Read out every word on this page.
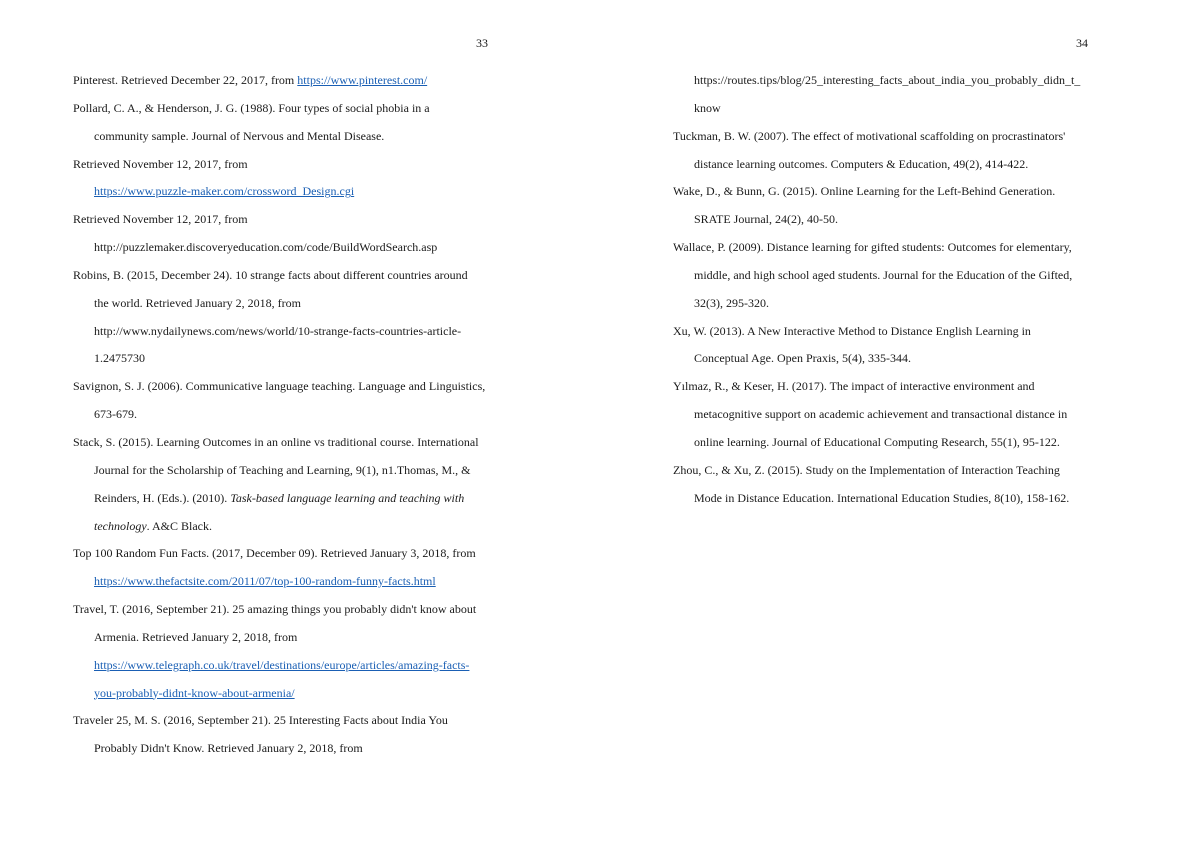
33
Pinterest. Retrieved December 22, 2017, from https://www.pinterest.com/
Pollard, C. A., & Henderson, J. G. (1988). Four types of social phobia in a
community sample. Journal of Nervous and Mental Disease.
Retrieved November 12, 2017, from
https://www.puzzle-maker.com/crossword_Design.cgi
Retrieved November 12, 2017, from
http://puzzlemaker.discoveryeducation.com/code/BuildWordSearch.asp
Robins, B. (2015, December 24). 10 strange facts about different countries around
the world. Retrieved January 2, 2018, from
http://www.nydailynews.com/news/world/10-strange-facts-countries-article-
1.2475730
Savignon, S. J. (2006). Communicative language teaching. Language and Linguistics,
673-679.
Stack, S. (2015). Learning Outcomes in an online vs traditional course. International
Journal for the Scholarship of Teaching and Learning, 9(1), n1.Thomas, M., &
Reinders, H. (Eds.). (2010). Task-based language learning and teaching with
technology. A&C Black.
Top 100 Random Fun Facts. (2017, December 09). Retrieved January 3, 2018, from
https://www.thefactsite.com/2011/07/top-100-random-funny-facts.html
Travel, T. (2016, September 21). 25 amazing things you probably didn't know about
Armenia. Retrieved January 2, 2018, from
https://www.telegraph.co.uk/travel/destinations/europe/articles/amazing-facts-
you-probably-didnt-know-about-armenia/
Traveler 25, M. S. (2016, September 21). 25 Interesting Facts about India You
Probably Didn't Know. Retrieved January 2, 2018, from
34
https://routes.tips/blog/25_interesting_facts_about_india_you_probably_didn_t_
know
Tuckman, B. W. (2007). The effect of motivational scaffolding on procrastinators'
distance learning outcomes. Computers & Education, 49(2), 414-422.
Wake, D., & Bunn, G. (2015). Online Learning for the Left-Behind Generation.
SRATE Journal, 24(2), 40-50.
Wallace, P. (2009). Distance learning for gifted students: Outcomes for elementary,
middle, and high school aged students. Journal for the Education of the Gifted,
32(3), 295-320.
Xu, W. (2013). A New Interactive Method to Distance English Learning in
Conceptual Age. Open Praxis, 5(4), 335-344.
Yılmaz, R., & Keser, H. (2017). The impact of interactive environment and
metacognitive support on academic achievement and transactional distance in
online learning. Journal of Educational Computing Research, 55(1), 95-122.
Zhou, C., & Xu, Z. (2015). Study on the Implementation of Interaction Teaching
Mode in Distance Education. International Education Studies, 8(10), 158-162.
